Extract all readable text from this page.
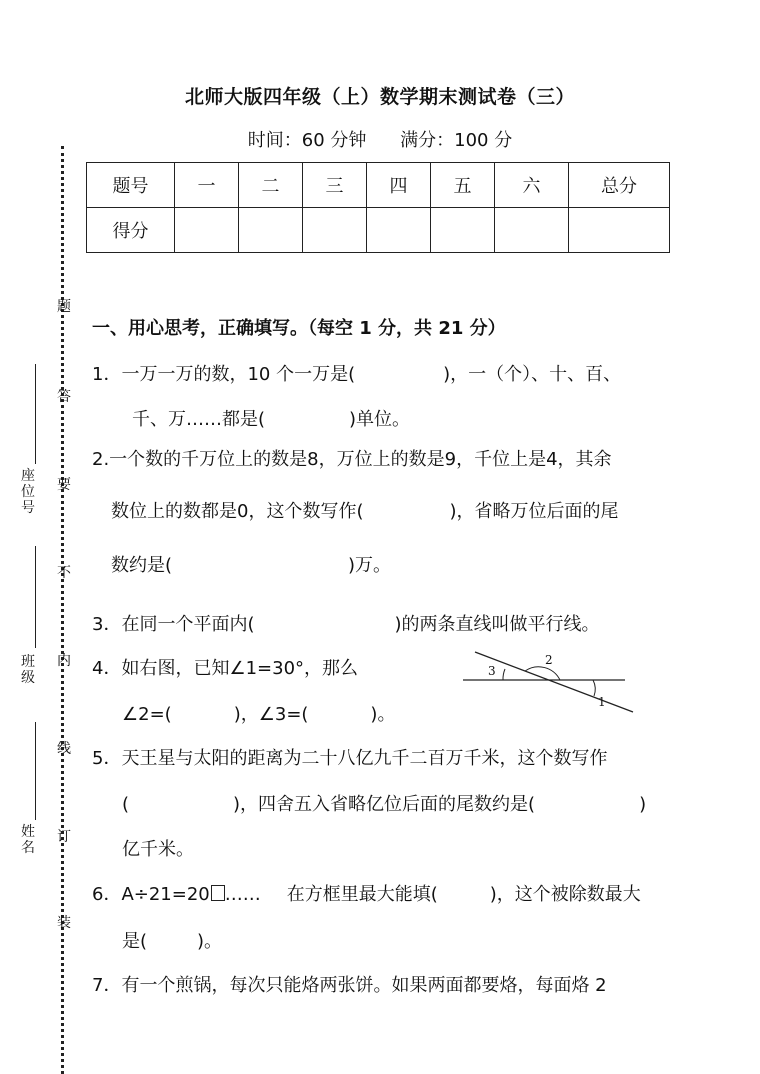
北师大版四年级（上）数学期末测试卷（三）
时间：60 分钟 满分：100 分
题号	一	二	三	四	五	六	总分
得分							
题
答
要
不
内
线
订
装
座位号
班级
姓名
一、用心思考，正确填写。（每空 1 分，共 21 分）
1．一万一万的数，10 个一万是(	)，一（个）、十、百、
千、万……都是(	)单位。
2.一个数的千万位上的数是8，万位上的数是9，千位上是4，其余
数位上的数都是0，这个数写作(	)，省略万位后面的尾
数约是(	)万。
3．在同一个平面内(	)的两条直线叫做平行线。
4．如右图，已知∠1=30°，那么
∠2=(	)，∠3=(	)。
1
2
3
5．天王星与太阳的距离为二十八亿九千二百万千米，这个数写作
(	)，四舍五入省略亿位后面的尾数约是(	)
亿千米。
6．A÷21=20 …… 在方框里最大能填(	)，这个被除数最大
是(	)。
7．有一个煎锅，每次只能烙两张饼。如果两面都要烙，每面烙 2
